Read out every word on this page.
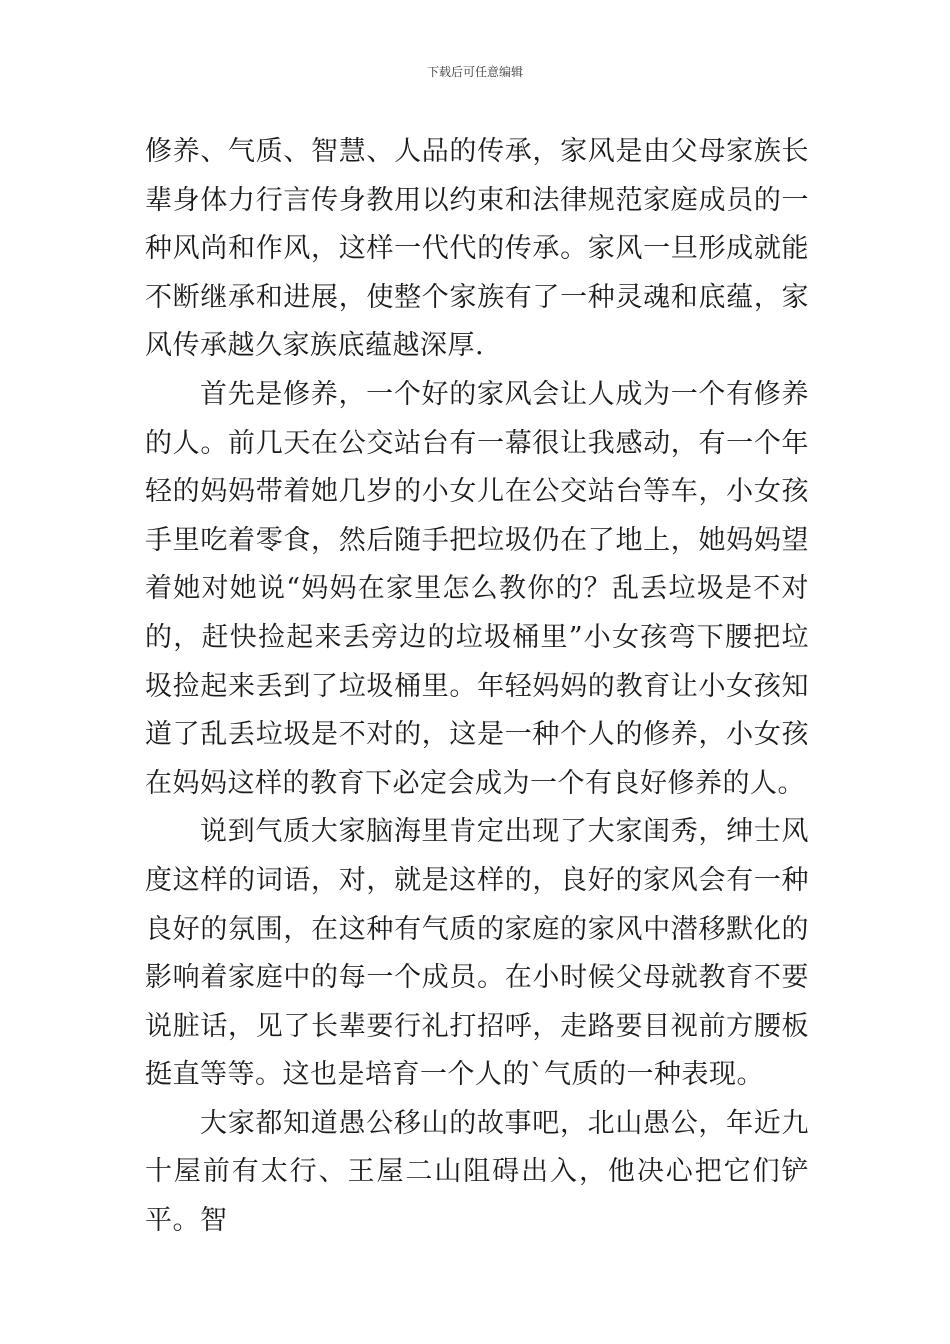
下载后可任意编辑

修养、气质、智慧、人品的传承，家风是由父母家族长辈身体力行言传身教用以约束和法律规范家庭成员的一种风尚和作风，这样一代代的传承。家风一旦形成就能不断继承和进展，使整个家族有了一种灵魂和底蕴，家风传承越久家族底蕴越深厚.

首先是修养，一个好的家风会让人成为一个有修养的人。前几天在公交站台有一幕很让我感动，有一个年轻的妈妈带着她几岁的小女儿在公交站台等车，小女孩手里吃着零食，然后随手把垃圾仍在了地上，她妈妈望着她对她说“妈妈在家里怎么教你的？乱丢垃圾是不对的，赶快捡起来丢旁边的垃圾桶里”小女孩弯下腰把垃圾捡起来丢到了垃圾桶里。年轻妈妈的教育让小女孩知道了乱丢垃圾是不对的，这是一种个人的修养，小女孩在妈妈这样的教育下必定会成为一个有良好修养的人。

说到气质大家脑海里肯定出现了大家闺秀，绅士风度这样的词语，对，就是这样的，良好的家风会有一种良好的氛围，在这种有气质的家庭的家风中潜移默化的影响着家庭中的每一个成员。在小时候父母就教育不要说脏话，见了长辈要行礼打招呼，走路要目视前方腰板挺直等等。这也是培育一个人的`气质的一种表现。

大家都知道愚公移山的故事吧，北山愚公，年近九十屋前有太行、王屋二山阻碍出入，他决心把它们铲平。智
